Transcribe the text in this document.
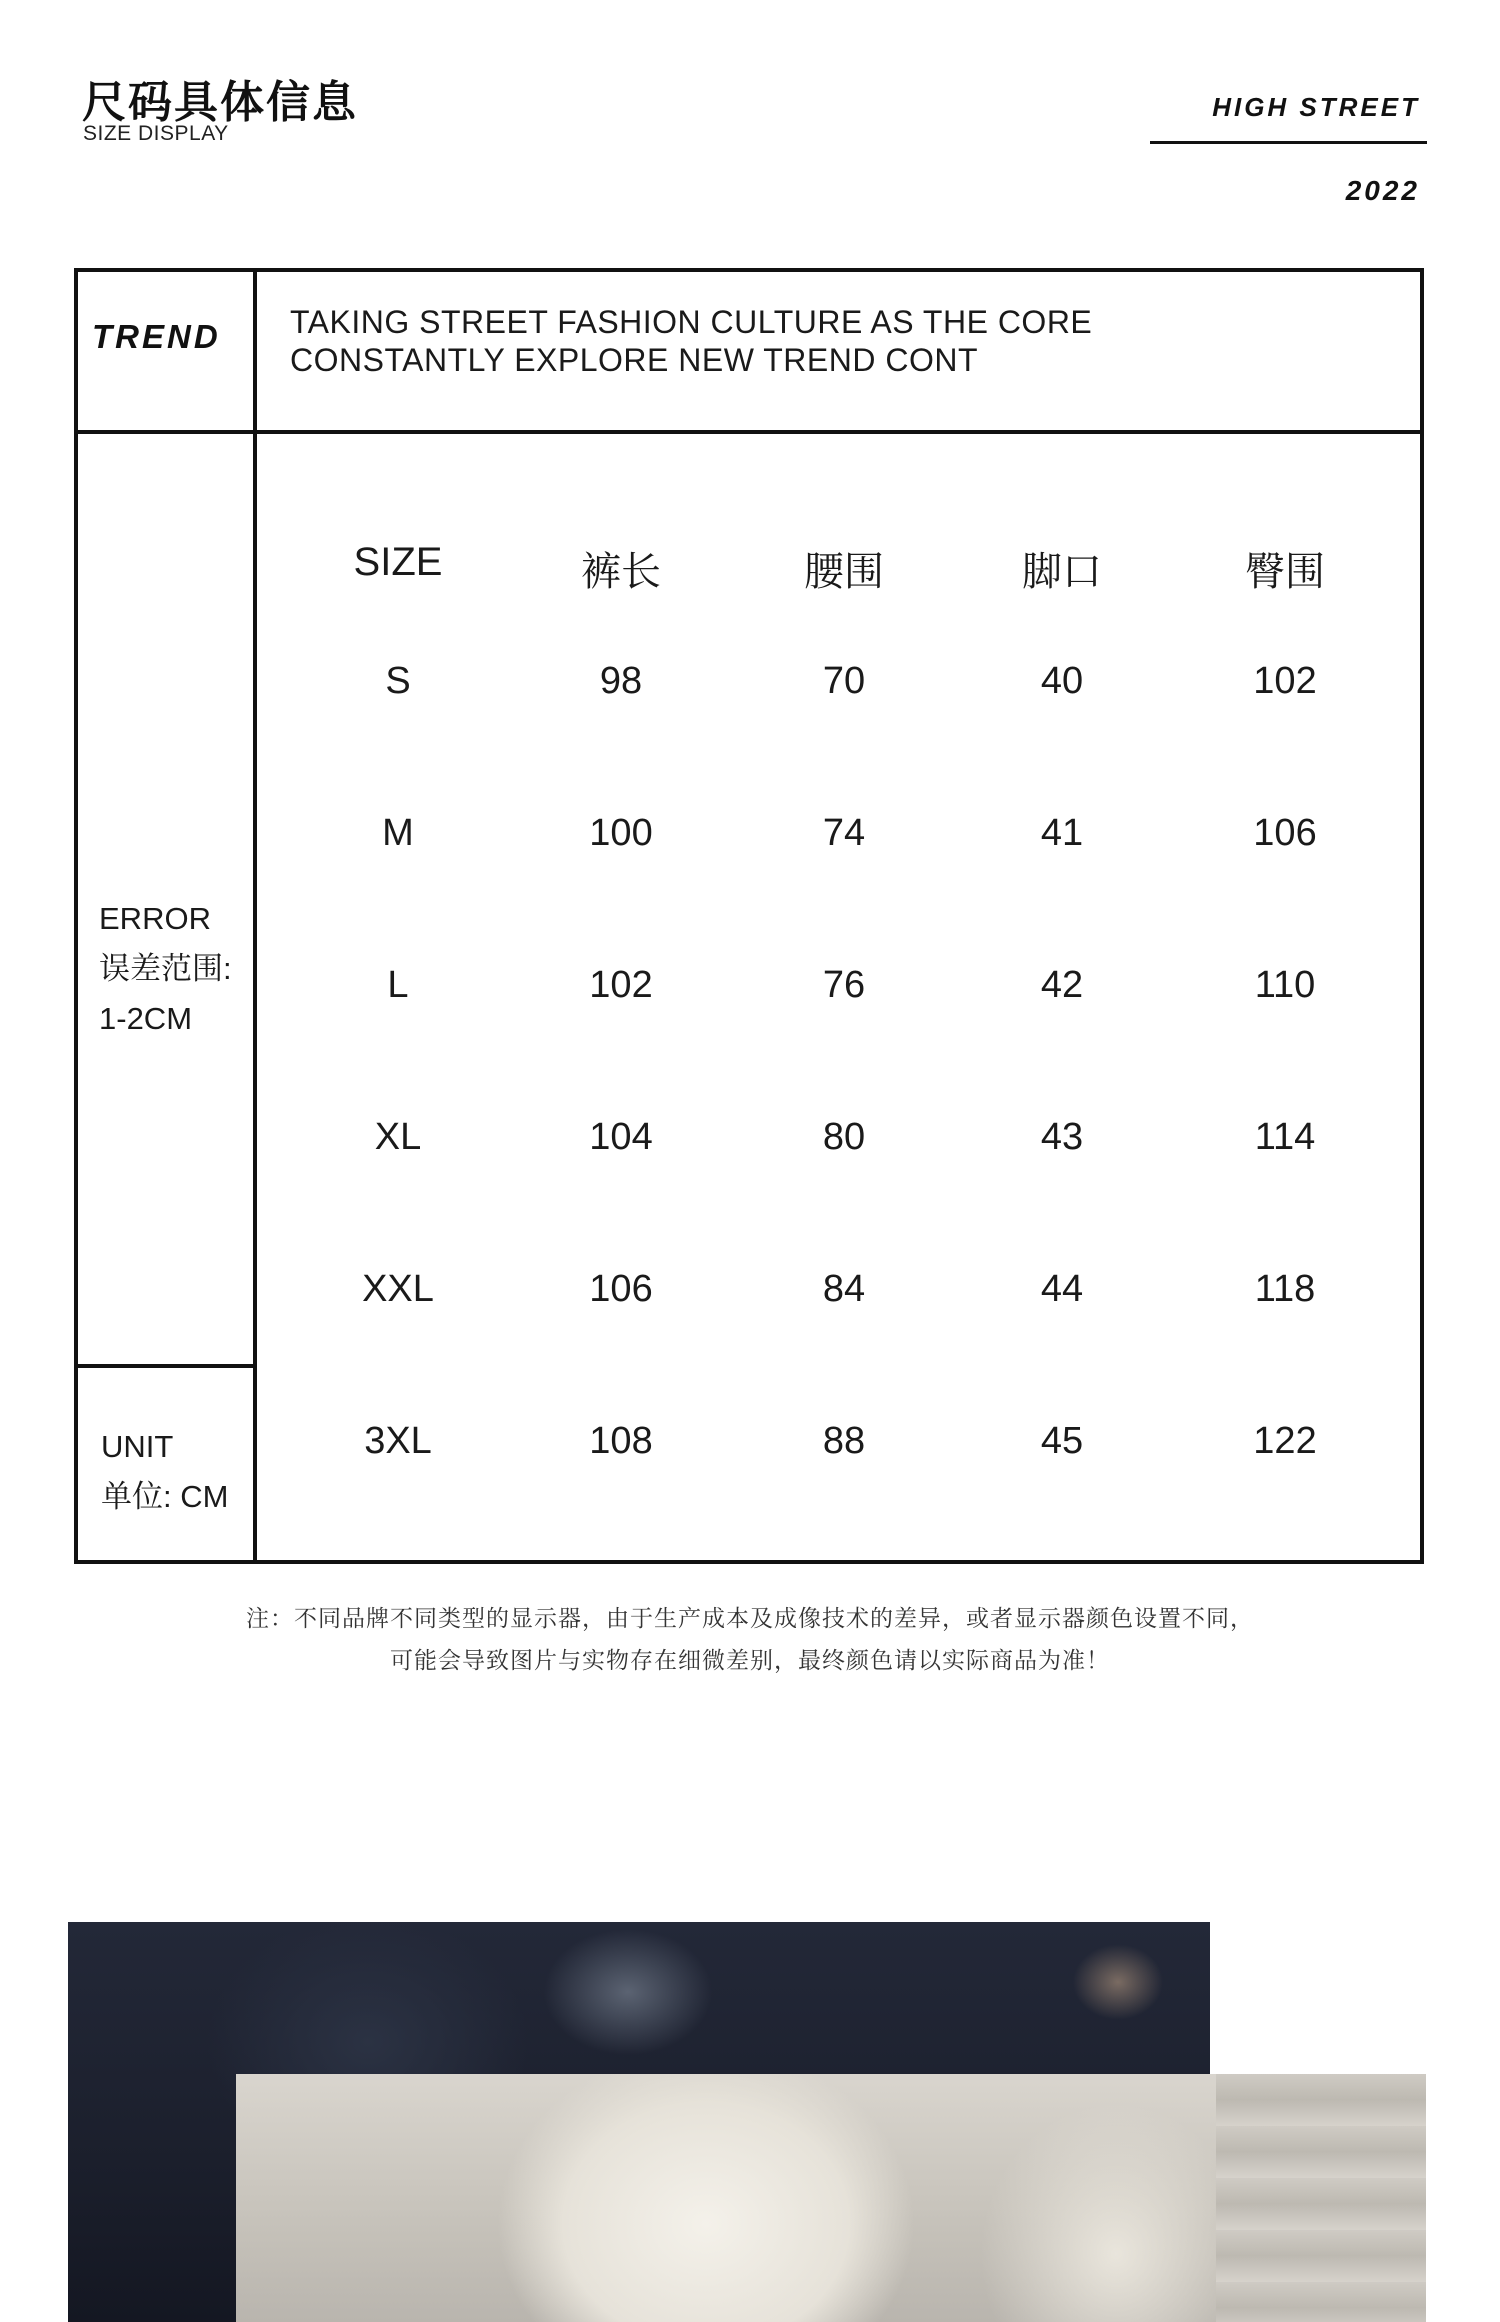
尺码具体信息
SIZE DISPLAY
HIGH STREET
2022
TREND TAKING STREET FASHION CULTURE AS THE CORE
CONSTANTLY EXPLORE NEW TREND CONT
ERROR
误差范围:
1-2CM
UNIT
单位: CM
SIZE	裤长	腰围	脚口	臀围
S	98	70	40	102
M	100	74	41	106
L	102	76	42	110
XL	104	80	43	114
XXL	106	84	44	118
3XL	108	88	45	122
注：不同品牌不同类型的显示器，由于生产成本及成像技术的差异，或者显示器颜色设置不同，
可能会导致图片与实物存在细微差别，最终颜色请以实际商品为准！
